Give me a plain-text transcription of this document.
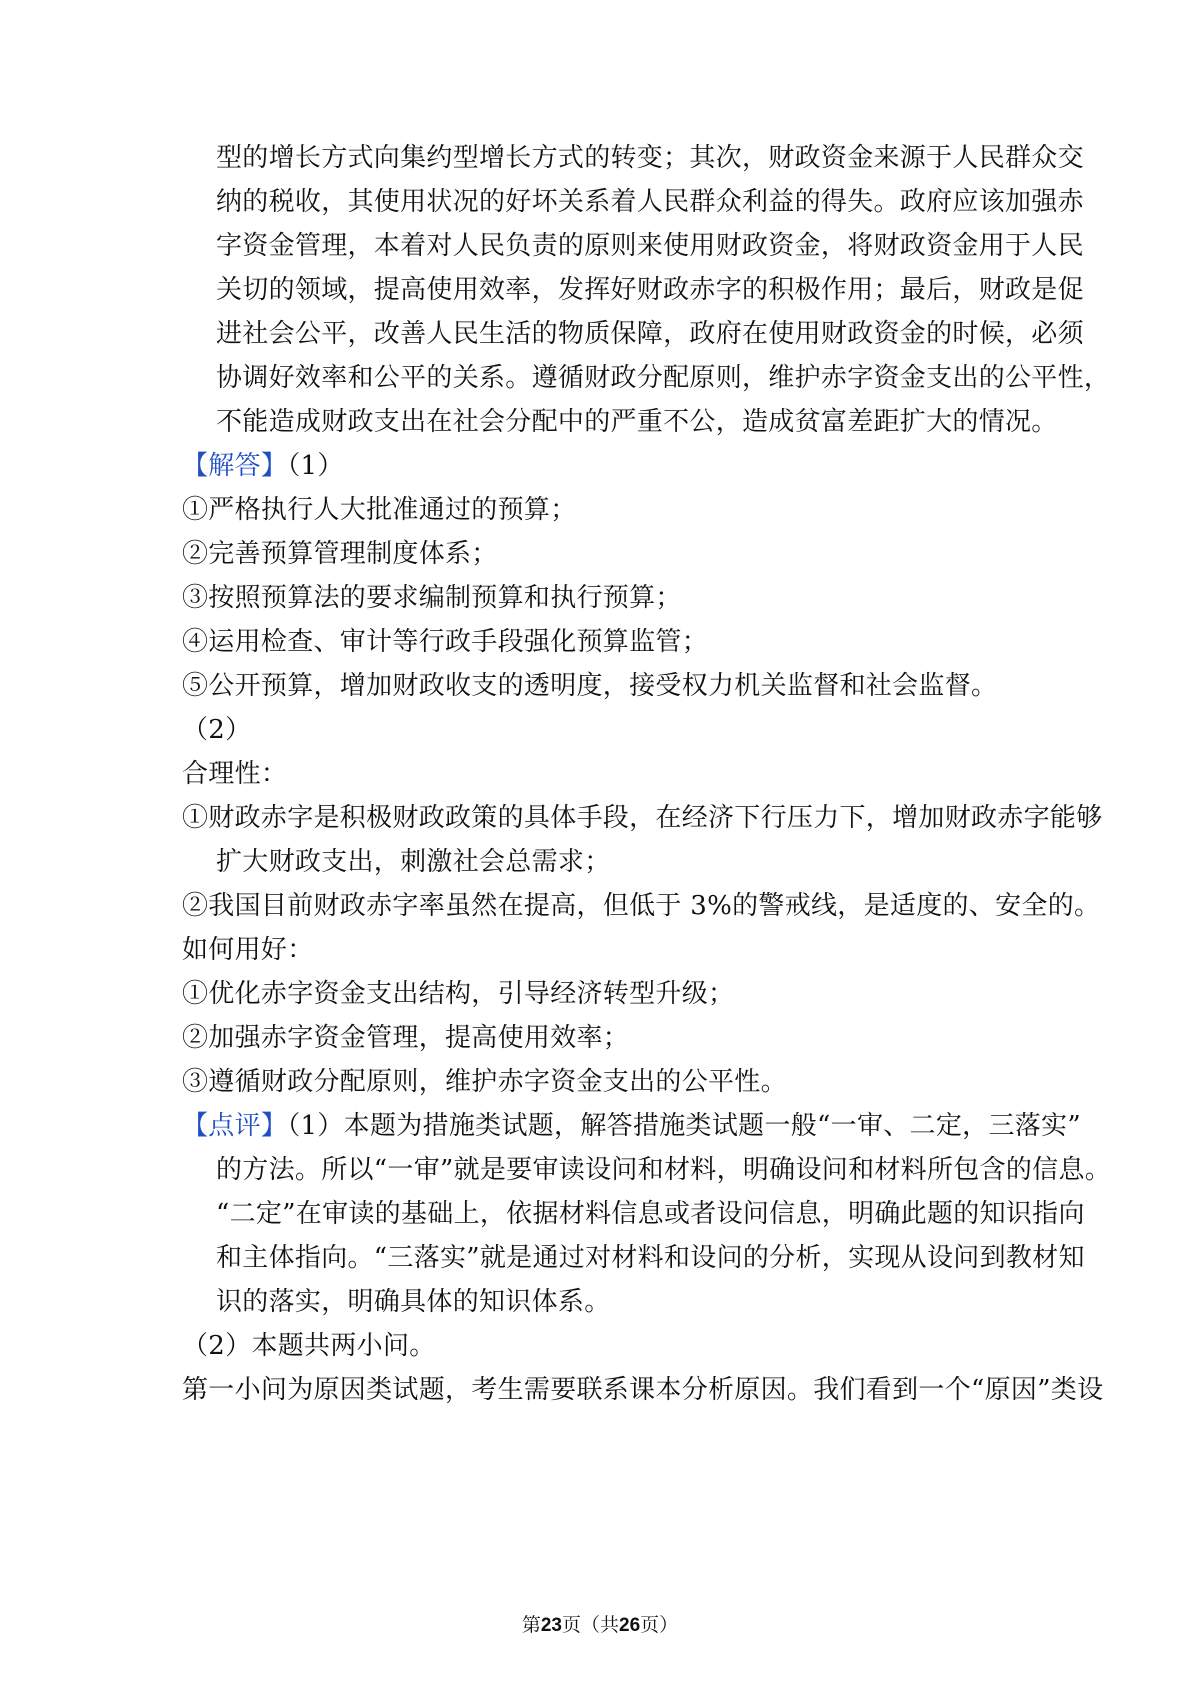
型的增长方式向集约型增长方式的转变；其次，财政资金来源于人民群众交
纳的税收，其使用状况的好坏关系着人民群众利益的得失。政府应该加强赤
字资金管理，本着对人民负责的原则来使用财政资金，将财政资金用于人民
关切的领域，提高使用效率，发挥好财政赤字的积极作用；最后，财政是促
进社会公平，改善人民生活的物质保障，政府在使用财政资金的时候，必须
协调好效率和公平的关系。遵循财政分配原则，维护赤字资金支出的公平性，
不能造成财政支出在社会分配中的严重不公，造成贫富差距扩大的情况。
【解答】（1）
①严格执行人大批准通过的预算；
②完善预算管理制度体系；
③按照预算法的要求编制预算和执行预算；
④运用检查、审计等行政手段强化预算监管；
⑤公开预算，增加财政收支的透明度，接受权力机关监督和社会监督。
（2）
合理性：
①财政赤字是积极财政政策的具体手段，在经济下行压力下，增加财政赤字能够
扩大财政支出，刺激社会总需求；
②我国目前财政赤字率虽然在提高，但低于 3%的警戒线，是适度的、安全的。
如何用好：
①优化赤字资金支出结构，引导经济转型升级；
②加强赤字资金管理，提高使用效率；
③遵循财政分配原则，维护赤字资金支出的公平性。
【点评】（1）本题为措施类试题，解答措施类试题一般“一审、二定，三落实”
的方法。所以“一审”就是要审读设问和材料，明确设问和材料所包含的信息。
“二定”在审读的基础上，依据材料信息或者设问信息，明确此题的知识指向
和主体指向。“三落实”就是通过对材料和设问的分析，实现从设问到教材知
识的落实，明确具体的知识体系。
（2）本题共两小问。
第一小问为原因类试题，考生需要联系课本分析原因。我们看到一个“原因”类设
第23页（共26页）
